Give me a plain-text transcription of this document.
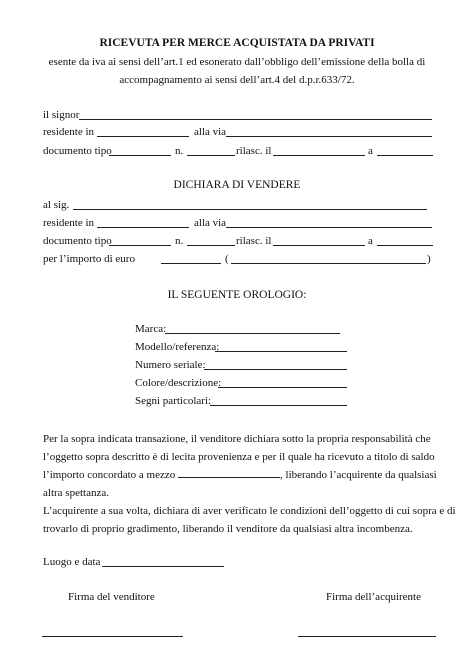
RICEVUTA PER MERCE ACQUISTATA DA PRIVATI
esente da iva ai sensi dell’art.1 ed esonerato dall’obbligo dell’emissione della bolla di
accompagnamento ai sensi dell’art.4 del d.p.r.633/72.
il signor
residente in	alla via
documento tipo	n.	rilasc. il	a
DICHIARA DI VENDERE
al sig.
residente in	alla via
documento tipo	n.	rilasc. il	a
per l’importo di euro	(	)
IL SEGUENTE OROLOGIO:
Marca:
Modello/referenza:
Numero seriale:
Colore/descrizione:
Segni particolari:
Per la sopra indicata transazione, il venditore dichiara sotto la propria responsabilità che
l’oggetto sopra descritto è di lecita provenienza e per il quale ha ricevuto a titolo di saldo
l’importo concordato a mezzo	, liberando l’acquirente da qualsiasi
altra spettanza.
L’acquirente a sua volta, dichiara di aver verificato le condizioni dell’oggetto di cui sopra e di
trovarlo di proprio gradimento, liberando il venditore da qualsiasi altra incombenza.
Luogo e data
Firma del venditore	Firma dell’acquirente
